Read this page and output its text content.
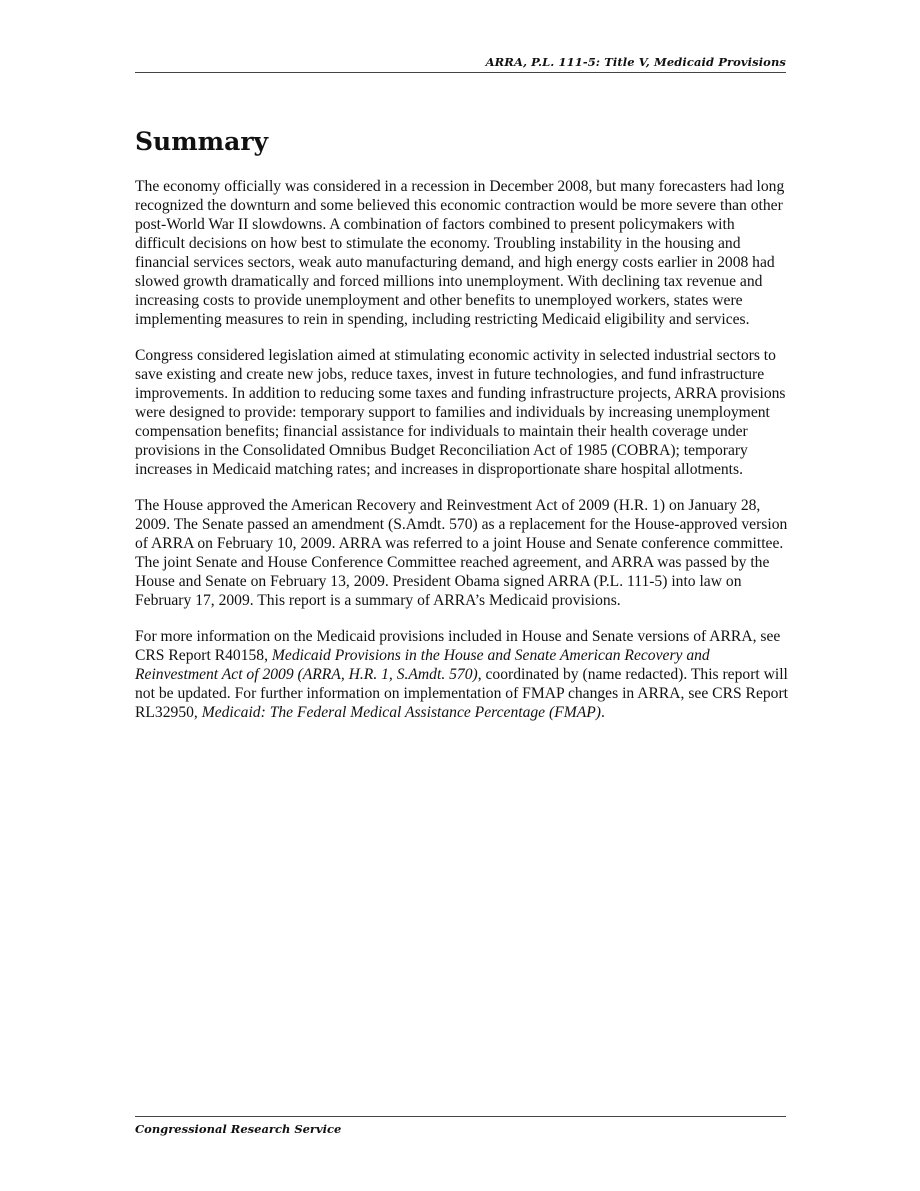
ARRA, P.L. 111-5: Title V, Medicaid Provisions
Summary

The economy officially was considered in a recession in December 2008, but many forecasters had long recognized the downturn and some believed this economic contraction would be more severe than other post-World War II slowdowns. A combination of factors combined to present policymakers with difficult decisions on how best to stimulate the economy. Troubling instability in the housing and financial services sectors, weak auto manufacturing demand, and high energy costs earlier in 2008 had slowed growth dramatically and forced millions into unemployment. With declining tax revenue and increasing costs to provide unemployment and other benefits to unemployed workers, states were implementing measures to rein in spending, including restricting Medicaid eligibility and services.

Congress considered legislation aimed at stimulating economic activity in selected industrial sectors to save existing and create new jobs, reduce taxes, invest in future technologies, and fund infrastructure improvements. In addition to reducing some taxes and funding infrastructure projects, ARRA provisions were designed to provide: temporary support to families and individuals by increasing unemployment compensation benefits; financial assistance for individuals to maintain their health coverage under provisions in the Consolidated Omnibus Budget Reconciliation Act of 1985 (COBRA); temporary increases in Medicaid matching rates; and increases in disproportionate share hospital allotments.

The House approved the American Recovery and Reinvestment Act of 2009 (H.R. 1) on January 28, 2009. The Senate passed an amendment (S.Amdt. 570) as a replacement for the House-approved version of ARRA on February 10, 2009. ARRA was referred to a joint House and Senate conference committee. The joint Senate and House Conference Committee reached agreement, and ARRA was passed by the House and Senate on February 13, 2009. President Obama signed ARRA (P.L. 111-5) into law on February 17, 2009. This report is a summary of ARRA’s Medicaid provisions.

For more information on the Medicaid provisions included in House and Senate versions of ARRA, see CRS Report R40158, Medicaid Provisions in the House and Senate American Recovery and Reinvestment Act of 2009 (ARRA, H.R. 1, S.Amdt. 570), coordinated by (name redacted). This report will not be updated. For further information on implementation of FMAP changes in ARRA, see CRS Report RL32950, Medicaid: The Federal Medical Assistance Percentage (FMAP).

Congressional Research Service
